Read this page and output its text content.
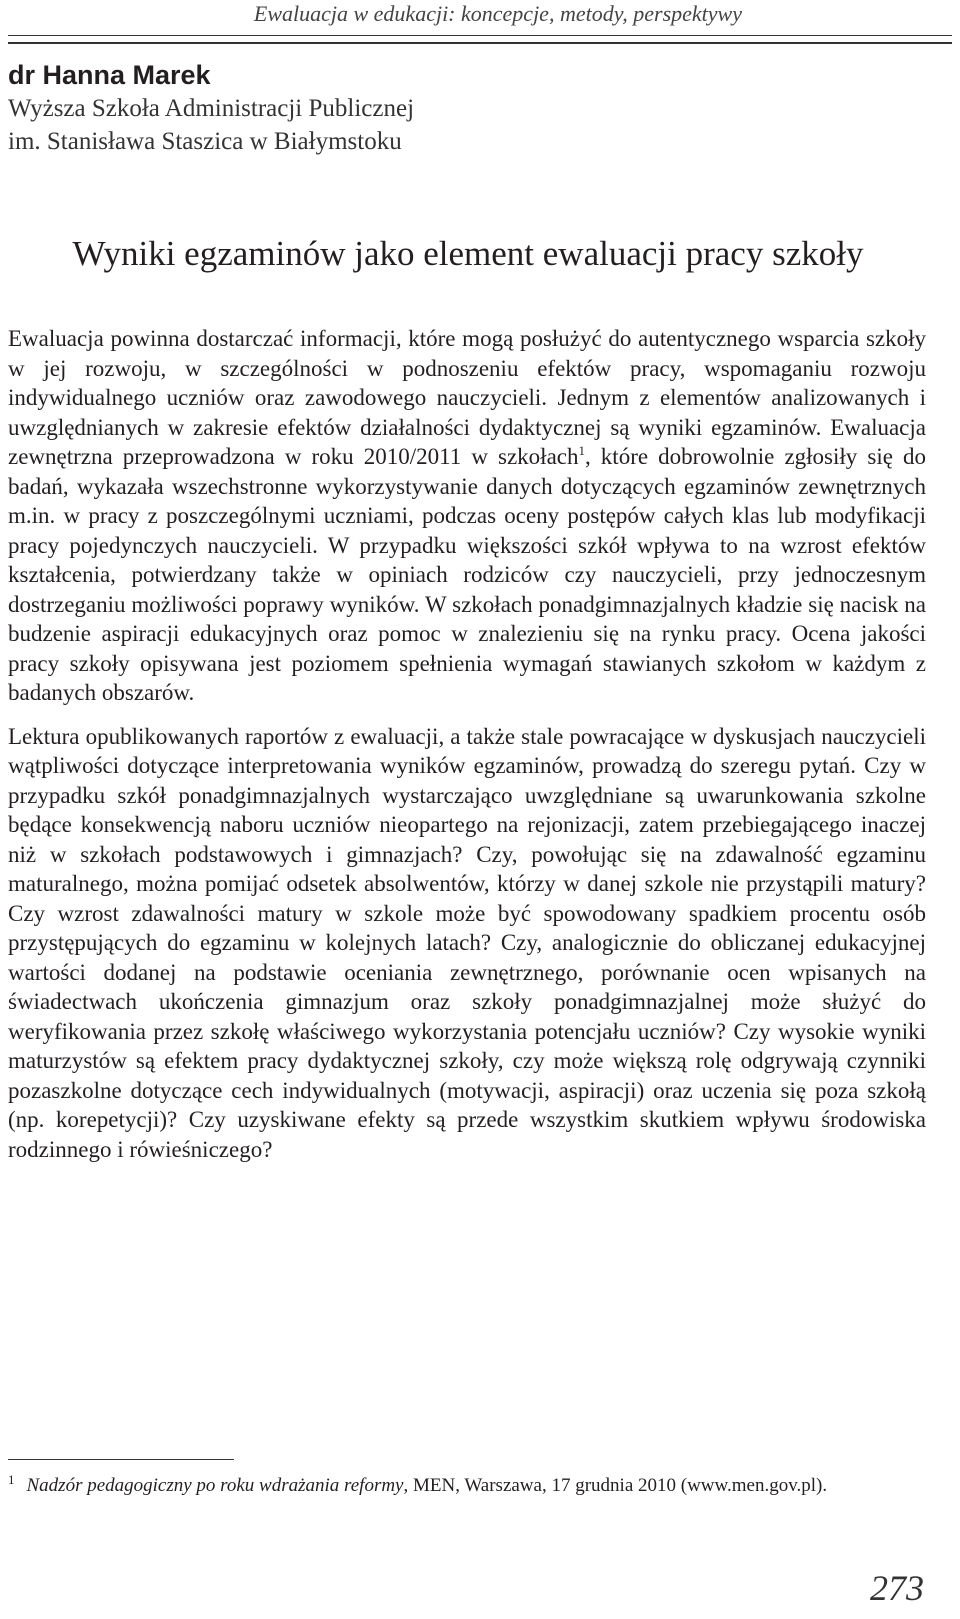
Ewaluacja w edukacji: koncepcje, metody, perspektywy
dr Hanna Marek
Wyższa Szkoła Administracji Publicznej
im. Stanisława Staszica w Białymstoku
Wyniki egzaminów jako element ewaluacji pracy szkoły

Ewaluacja powinna dostarczać informacji, które mogą posłużyć do autentycznego wsparcia szkoły w jej rozwoju, w szczególności w podnoszeniu efektów pracy, wspomaganiu rozwoju indywidualnego uczniów oraz zawodowego nauczycieli. Jednym z elementów analizowanych i uwzględnianych w zakresie efektów działalności dydaktycznej są wyniki egzaminów. Ewaluacja zewnętrzna przeprowadzona w roku 2010/2011 w szkołach$^1$, które dobrowolnie zgłosiły się do badań, wykazała wszechstronne wykorzystywanie danych dotyczących egzaminów zewnętrznych m.in. w pracy z poszczególnymi uczniami, podczas oceny postępów całych klas lub modyfikacji pracy pojedynczych nauczycieli. W przypadku większości szkół wpływa to na wzrost efektów kształcenia, potwierdzany także w opiniach rodziców czy nauczycieli, przy jednoczesnym dostrzeganiu możliwości poprawy wyników. W szkołach ponadgimnazjalnych kładzie się nacisk na budzenie aspiracji edukacyjnych oraz pomoc w znalezieniu się na rynku pracy. Ocena jakości pracy szkoły opisywana jest poziomem spełnienia wymagań stawianych szkołom w każdym z badanych obszarów.

Lektura opublikowanych raportów z ewaluacji, a także stale powracające w dyskusjach nauczycieli wątpliwości dotyczące interpretowania wyników egzaminów, prowadzą do szeregu pytań. Czy w przypadku szkół ponadgimnazjalnych wystarczająco uwzględniane są uwarunkowania szkolne będące konsekwencją naboru uczniów nieopartego na rejonizacji, zatem przebiegającego inaczej niż w szkołach podstawowych i gimnazjach? Czy, powołując się na zdawalność egzaminu maturalnego, można pomijać odsetek absolwentów, którzy w danej szkole nie przystąpili matury? Czy wzrost zdawalności matury w szkole może być spowodowany spadkiem procentu osób przystępujących do egzaminu w kolejnych latach? Czy, analogicznie do obliczanej edukacyjnej wartości dodanej na podstawie oceniania zewnętrznego, porównanie ocen wpisanych na świadectwach ukończenia gimnazjum oraz szkoły ponadgimnazjalnej może służyć do weryfikowania przez szkołę właściwego wykorzystania potencjału uczniów? Czy wysokie wyniki maturzystów są efektem pracy dydaktycznej szkoły, czy może większą rolę odgrywają czynniki pozaszkolne dotyczące cech indywidualnych (motywacji, aspiracji) oraz uczenia się poza szkołą (np. korepetycji)? Czy uzyskiwane efekty są przede wszystkim skutkiem wpływu środowiska rodzinnego i rówieśniczego?

$^1$ Nadzór pedagogiczny po roku wdrażania reformy, MEN, Warszawa, 17 grudnia 2010 (www.men.gov.pl).
273
